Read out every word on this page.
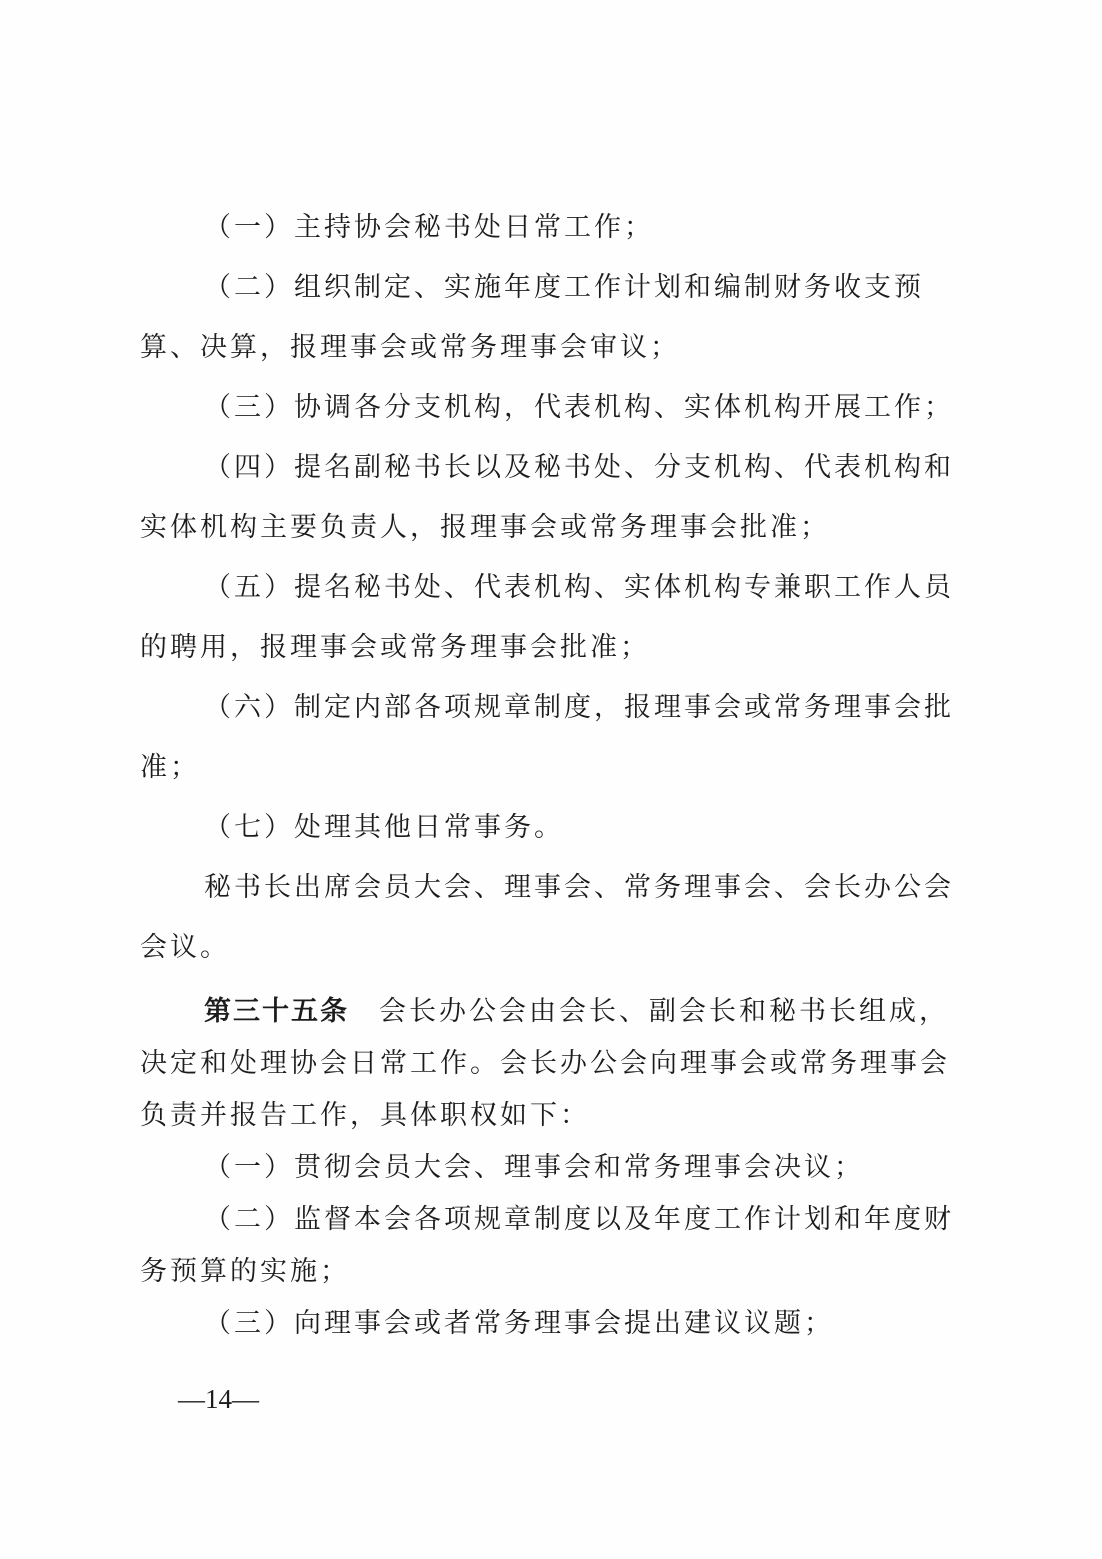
（一）主持协会秘书处日常工作；

（二）组织制定、实施年度工作计划和编制财务收支预算、决算，报理事会或常务理事会审议；

（三）协调各分支机构，代表机构、实体机构开展工作；

（四）提名副秘书长以及秘书处、分支机构、代表机构和实体机构主要负责人，报理事会或常务理事会批准；

（五）提名秘书处、代表机构、实体机构专兼职工作人员的聘用，报理事会或常务理事会批准；

（六）制定内部各项规章制度，报理事会或常务理事会批准；

（七）处理其他日常事务。

秘书长出席会员大会、理事会、常务理事会、会长办公会会议。

第三十五条 会长办公会由会长、副会长和秘书长组成，决定和处理协会日常工作。会长办公会向理事会或常务理事会负责并报告工作，具体职权如下：

（一）贯彻会员大会、理事会和常务理事会决议；

（二）监督本会各项规章制度以及年度工作计划和年度财务预算的实施；

（三）向理事会或者常务理事会提出建议议题；

—14—
